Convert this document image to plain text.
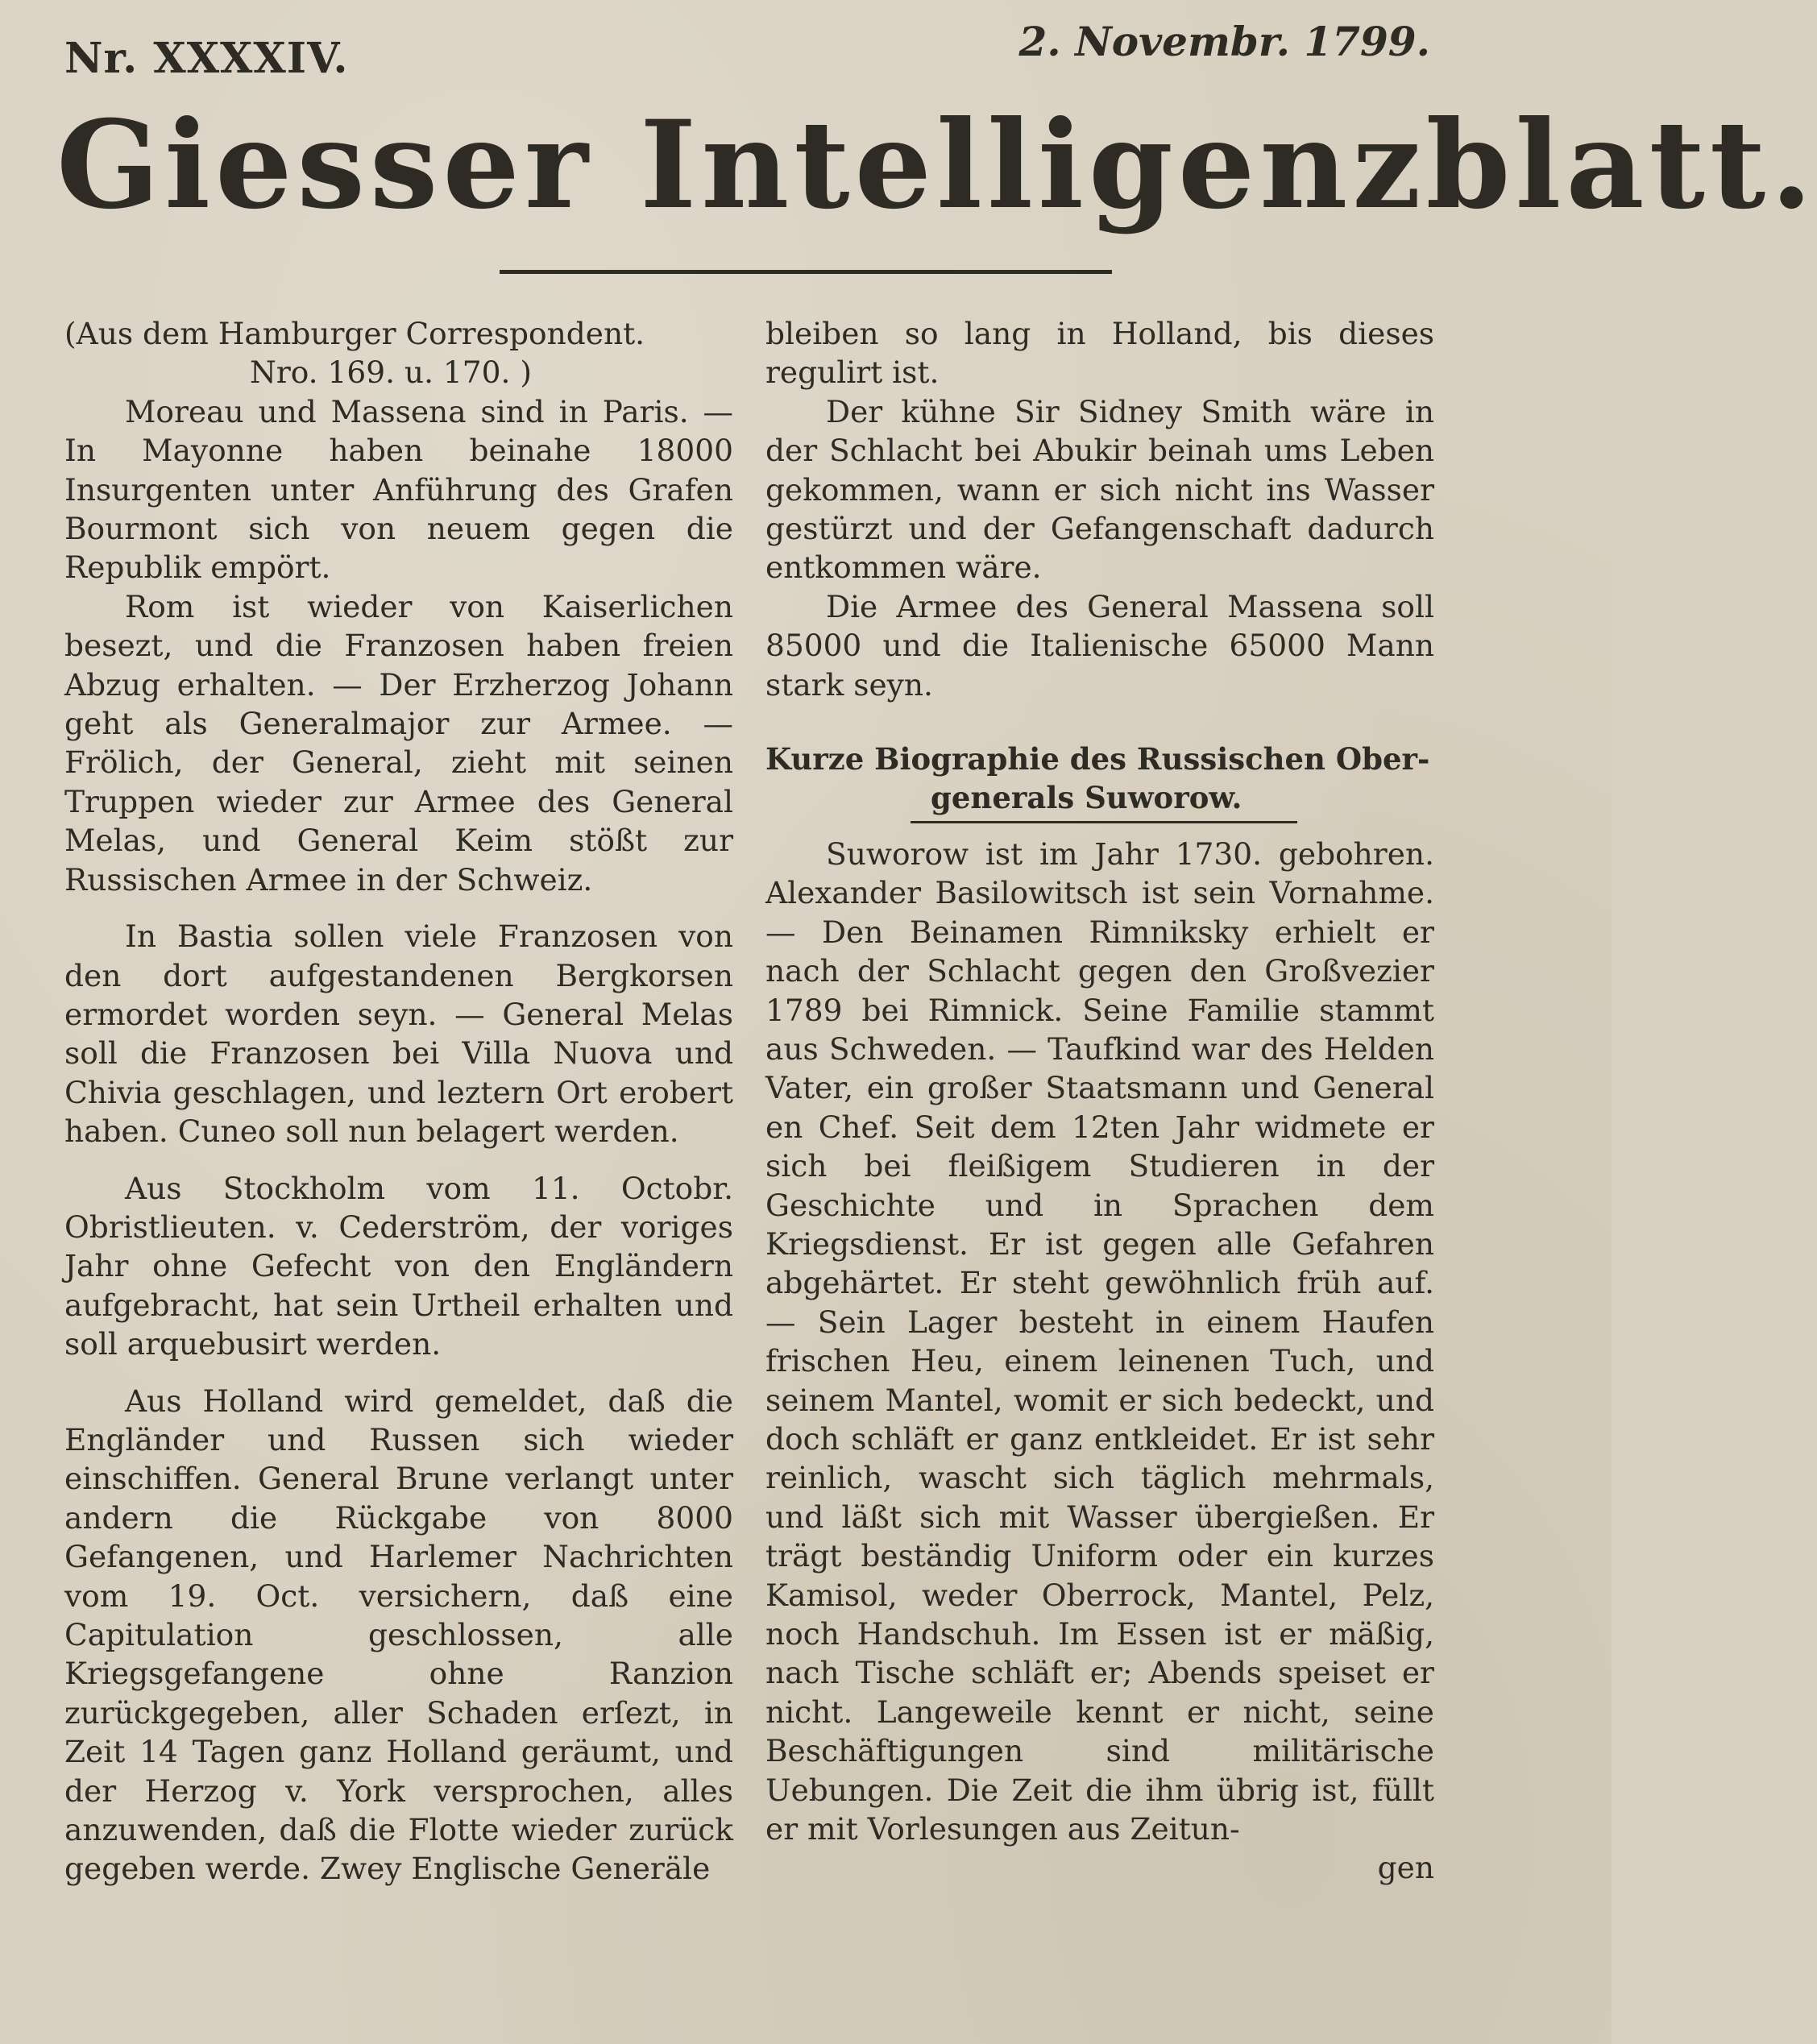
Nr. XXXXIV.	2. Novembr. 1799.
Giesser Intelligenzblatt.

(Aus dem Hamburger Correspondent.
Nro. 169. u. 170. )

Moreau und Massena sind in Paris. — In Mayonne haben beinahe 18000 Insurgenten unter Anführung des Grafen Bourmont sich von neuem gegen die Republik empört.

Rom ist wieder von Kaiserlichen besezt, und die Franzosen haben freien Abzug erhalten. — Der Erzherzog Johann geht als Generalmajor zur Armee. — Frölich, der General, zieht mit seinen Truppen wieder zur Armee des General Melas, und General Keim stößt zur Russischen Armee in der Schweiz.

In Bastia sollen viele Franzosen von den dort aufgestandenen Bergkorsen ermordet worden seyn. — General Melas soll die Franzosen bei Villa Nuova und Chivia geschlagen, und leztern Ort erobert haben. Cuneo soll nun belagert werden.

Aus Stockholm vom 11. Octobr. Obristlieuten. v. Cederström, der voriges Jahr ohne Gefecht von den Engländern aufgebracht, hat sein Urtheil erhalten und soll arquebusirt werden.

Aus Holland wird gemeldet, daß die Engländer und Russen sich wieder einschiffen. General Brune verlangt unter andern die Rückgabe von 8000 Gefangenen, und Harlemer Nachrichten vom 19. Oct. versichern, daß eine Capitulation geschlossen, alle Kriegsgefangene ohne Ranzion zurückgegeben, aller Schaden erſezt, in Zeit 14 Tagen ganz Holland geräumt, und der Herzog v. York versprochen, alles anzuwenden, daß die Flotte wieder zurück gegeben werde. Zwey Englische Generäle

bleiben so lang in Holland, bis dieses regulirt ist.

Der kühne Sir Sidney Smith wäre in der Schlacht bei Abukir beinah ums Leben gekommen, wann er sich nicht ins Wasser gestürzt und der Gefangenschaft dadurch entkommen wäre.

Die Armee des General Massena soll 85000 und die Italienische 65000 Mann stark seyn.

Kurze Biographie des Russischen Ober-
generals Suworow.

Suworow ist im Jahr 1730. gebohren. Alexander Basilowitsch ist sein Vornahme. — Den Beinamen Rimniksky erhielt er nach der Schlacht gegen den Großvezier 1789 bei Rimnick. Seine Familie stammt aus Schweden. — Taufkind war des Helden Vater, ein großer Staatsmann und General en Chef. Seit dem 12ten Jahr widmete er sich bei fleißigem Studieren in der Geschichte und in Sprachen dem Kriegsdienst. Er ist gegen alle Gefahren abgehärtet. Er steht gewöhnlich früh auf. — Sein Lager besteht in einem Haufen frischen Heu, einem leinenen Tuch, und seinem Mantel, womit er sich bedeckt, und doch schläft er ganz entkleidet. Er ist sehr reinlich, wascht sich täglich mehrmals, und läßt sich mit Wasser übergießen. Er trägt beständig Uniform oder ein kurzes Kamisol, weder Oberrock, Mantel, Pelz, noch Handschuh. Im Essen ist er mäßig, nach Tische schläft er; Abends speiset er nicht. Langeweile kennt er nicht, seine Beschäftigungen sind militärische Uebungen. Die Zeit die ihm übrig ist, füllt er mit Vorlesungen aus Zeitun-

gen
